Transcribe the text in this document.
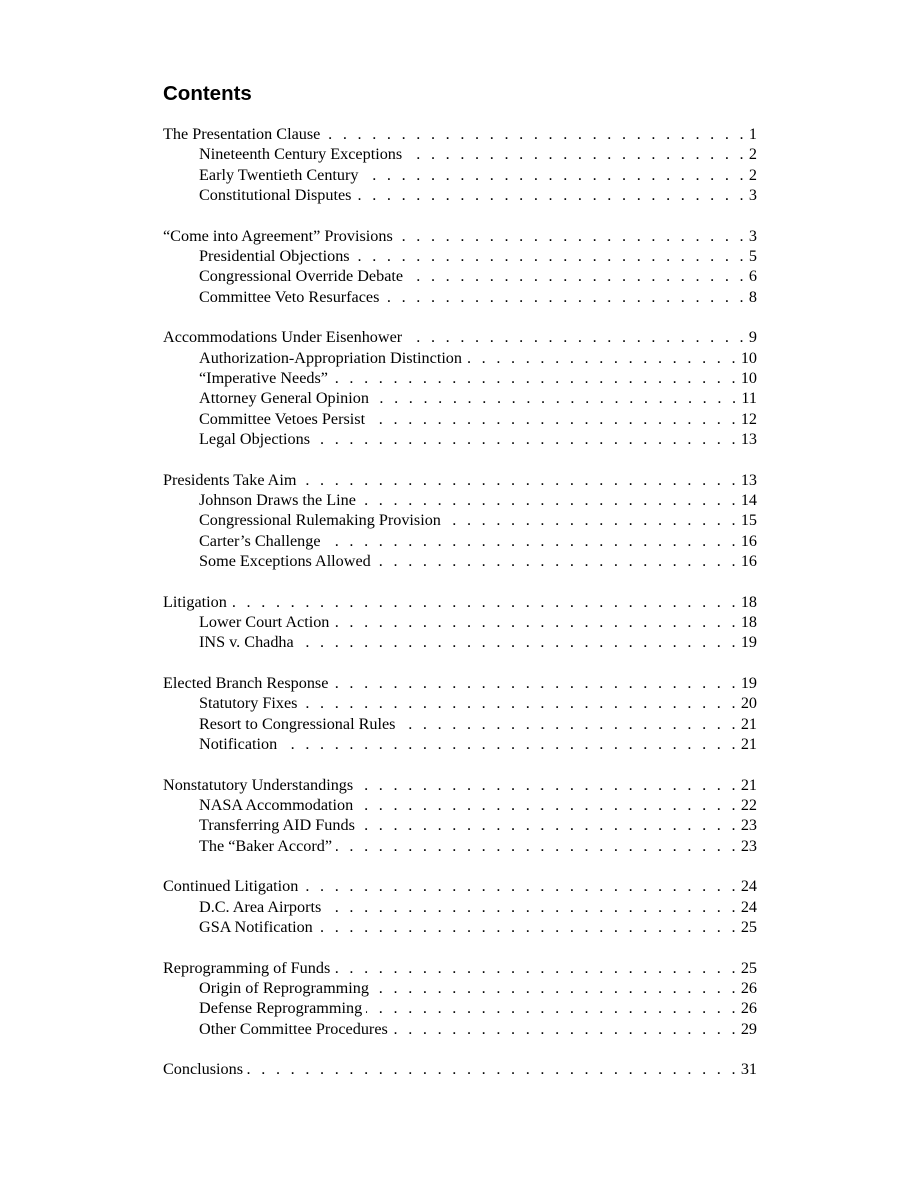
Contents
The Presentation Clause . . .	1
Nineteenth Century Exceptions . . .	2
Early Twentieth Century . . .	2
Constitutional Disputes . . .	3
“Come into Agreement” Provisions . . .	3
Presidential Objections . . .	5
Congressional Override Debate . . .	6
Committee Veto Resurfaces . . .	8
Accommodations Under Eisenhower . . .	9
Authorization-Appropriation Distinction . . .	10
“Imperative Needs” . . .	10
Attorney General Opinion . . .	11
Committee Vetoes Persist . . .	12
Legal Objections . . .	13
Presidents Take Aim . . .	13
Johnson Draws the Line . . .	14
Congressional Rulemaking Provision . . .	15
Carter’s Challenge . . .	16
Some Exceptions Allowed . . .	16
Litigation . . .	18
Lower Court Action . . .	18
INS v. Chadha . . .	19
Elected Branch Response . . .	19
Statutory Fixes . . .	20
Resort to Congressional Rules . . .	21
Notification . . .	21
Nonstatutory Understandings . . .	21
NASA Accommodation . . .	22
Transferring AID Funds . . .	23
The “Baker Accord” . . .	23
Continued Litigation . . .	24
D.C. Area Airports . . .	24
GSA Notification . . .	25
Reprogramming of Funds . . .	25
Origin of Reprogramming . . .	26
Defense Reprogramming . . .	26
Other Committee Procedures . . .	29
Conclusions . . .	31
